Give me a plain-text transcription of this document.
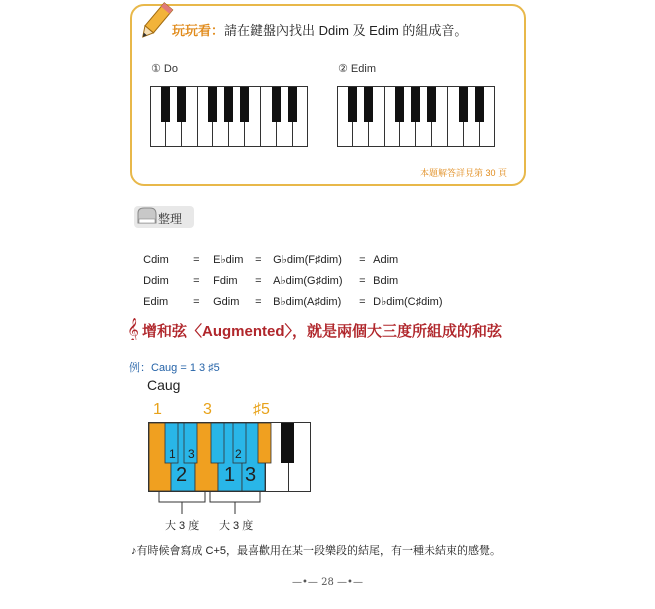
玩玩看：請在鍵盤內找出 Ddim 及 Edim 的組成音。
① Do	② Edim
本題解答詳見第 30 頁
整理

Cdim = E♭dim = G♭dim(F♯dim) = Adim

Ddim = Fdim = A♭dim(G♯dim) = Bdim

Edim = Gdim = B♭dim(A♯dim) = D♭dim(C♯dim)

𝄞 增和弦〈Augmented〉，就是兩個大三度所組成的和弦
例：Caug = 1 3 ♯5
Caug
1	3	♯5
1 3	2
2 1 3
大 3 度 大 3 度
♪有時候會寫成 C+5，最喜歡用在某一段樂段的結尾，有一種未結束的感覺。
—•— 28 —•—
